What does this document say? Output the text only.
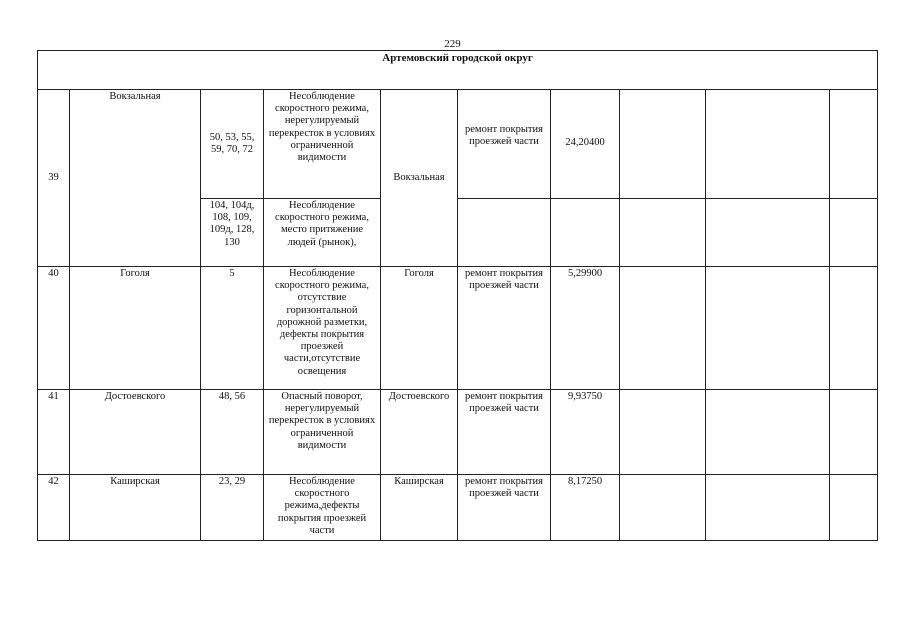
229
Артемовский городской округ									
39	Вокзальная	50, 53, 55, 59, 70, 72	Несоблюдение скоростного режима, нерегулируемый перекресток в условиях ограниченной видимости	Вокзальная	ремонт покрытия проезжей части	24,20400			
		104, 104д, 108, 109, 109д, 128, 130	Несоблюдение скоростного режима, место притяжение людей (рынок),						
40	Гоголя	5	Несоблюдение скоростного режима, отсутствие горизонтальной дорожной разметки, дефекты покрытия проезжей части,отсутствие освещения	Гоголя	ремонт покрытия проезжей части	5,29900			
41	Достоевского	48, 56	Опасный поворот, нерегулируемый перекресток в условиях ограниченной видимости	Достоевского	ремонт покрытия проезжей части	9,93750			
42	Каширская	23, 29	Несоблюдение скоростного режима,дефекты покрытия проезжей части	Каширская	ремонт покрытия проезжей части	8,17250			
